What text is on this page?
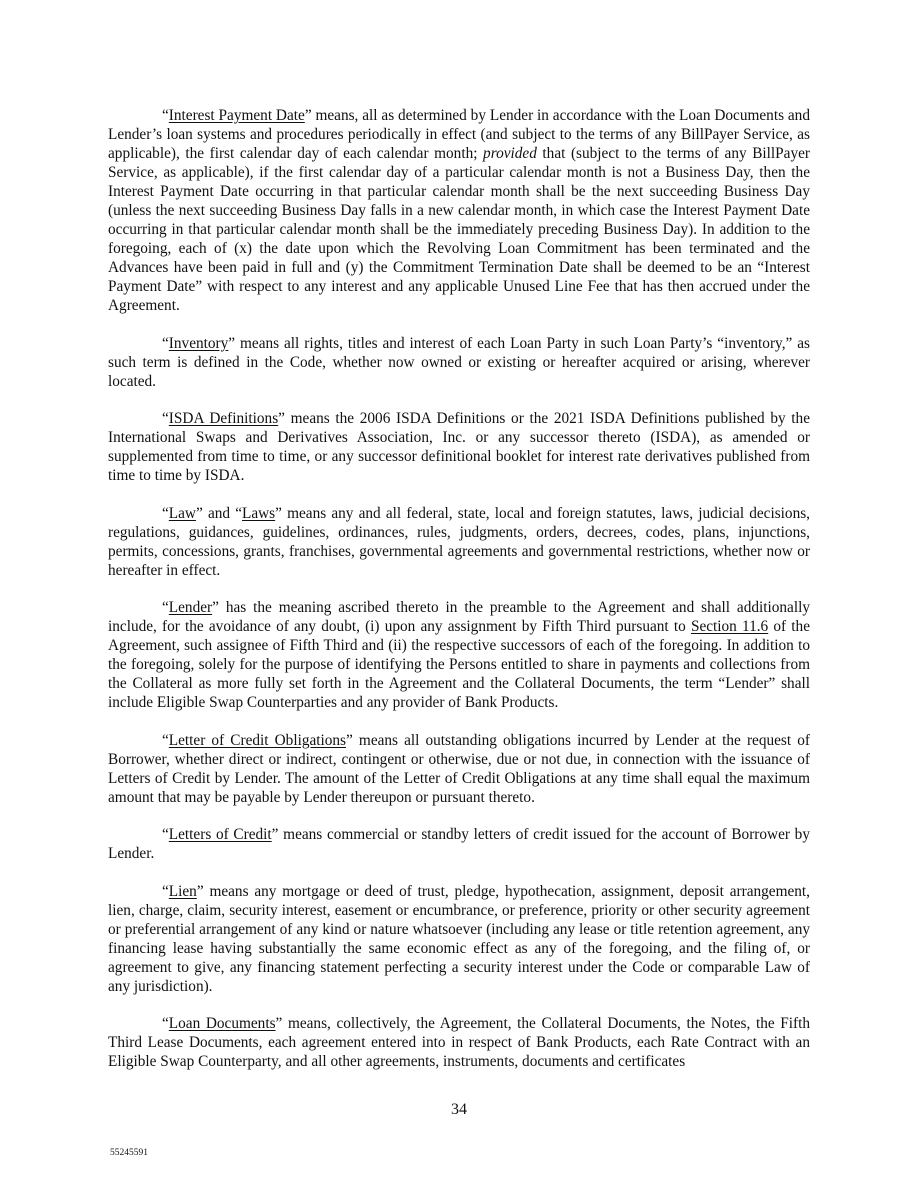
“Interest Payment Date” means, all as determined by Lender in accordance with the Loan Documents and Lender’s loan systems and procedures periodically in effect (and subject to the terms of any BillPayer Service, as applicable), the first calendar day of each calendar month; provided that (subject to the terms of any BillPayer Service, as applicable), if the first calendar day of a particular calendar month is not a Business Day, then the Interest Payment Date occurring in that particular calendar month shall be the next succeeding Business Day (unless the next succeeding Business Day falls in a new calendar month, in which case the Interest Payment Date occurring in that particular calendar month shall be the immediately preceding Business Day). In addition to the foregoing, each of (x) the date upon which the Revolving Loan Commitment has been terminated and the Advances have been paid in full and (y) the Commitment Termination Date shall be deemed to be an “Interest Payment Date” with respect to any interest and any applicable Unused Line Fee that has then accrued under the Agreement.

“Inventory” means all rights, titles and interest of each Loan Party in such Loan Party’s “inventory,” as such term is defined in the Code, whether now owned or existing or hereafter acquired or arising, wherever located.

“ISDA Definitions” means the 2006 ISDA Definitions or the 2021 ISDA Definitions published by the International Swaps and Derivatives Association, Inc. or any successor thereto (ISDA), as amended or supplemented from time to time, or any successor definitional booklet for interest rate derivatives published from time to time by ISDA.

“Law” and “Laws” means any and all federal, state, local and foreign statutes, laws, judicial decisions, regulations, guidances, guidelines, ordinances, rules, judgments, orders, decrees, codes, plans, injunctions, permits, concessions, grants, franchises, governmental agreements and governmental restrictions, whether now or hereafter in effect.

“Lender” has the meaning ascribed thereto in the preamble to the Agreement and shall additionally include, for the avoidance of any doubt, (i) upon any assignment by Fifth Third pursuant to Section 11.6 of the Agreement, such assignee of Fifth Third and (ii) the respective successors of each of the foregoing. In addition to the foregoing, solely for the purpose of identifying the Persons entitled to share in payments and collections from the Collateral as more fully set forth in the Agreement and the Collateral Documents, the term “Lender” shall include Eligible Swap Counterparties and any provider of Bank Products.

“Letter of Credit Obligations” means all outstanding obligations incurred by Lender at the request of Borrower, whether direct or indirect, contingent or otherwise, due or not due, in connection with the issuance of Letters of Credit by Lender. The amount of the Letter of Credit Obligations at any time shall equal the maximum amount that may be payable by Lender thereupon or pursuant thereto.

“Letters of Credit” means commercial or standby letters of credit issued for the account of Borrower by Lender.

“Lien” means any mortgage or deed of trust, pledge, hypothecation, assignment, deposit arrangement, lien, charge, claim, security interest, easement or encumbrance, or preference, priority or other security agreement or preferential arrangement of any kind or nature whatsoever (including any lease or title retention agreement, any financing lease having substantially the same economic effect as any of the foregoing, and the filing of, or agreement to give, any financing statement perfecting a security interest under the Code or comparable Law of any jurisdiction).

“Loan Documents” means, collectively, the Agreement, the Collateral Documents, the Notes, the Fifth Third Lease Documents, each agreement entered into in respect of Bank Products, each Rate Contract with an Eligible Swap Counterparty, and all other agreements, instruments, documents and certificates

34
55245591
